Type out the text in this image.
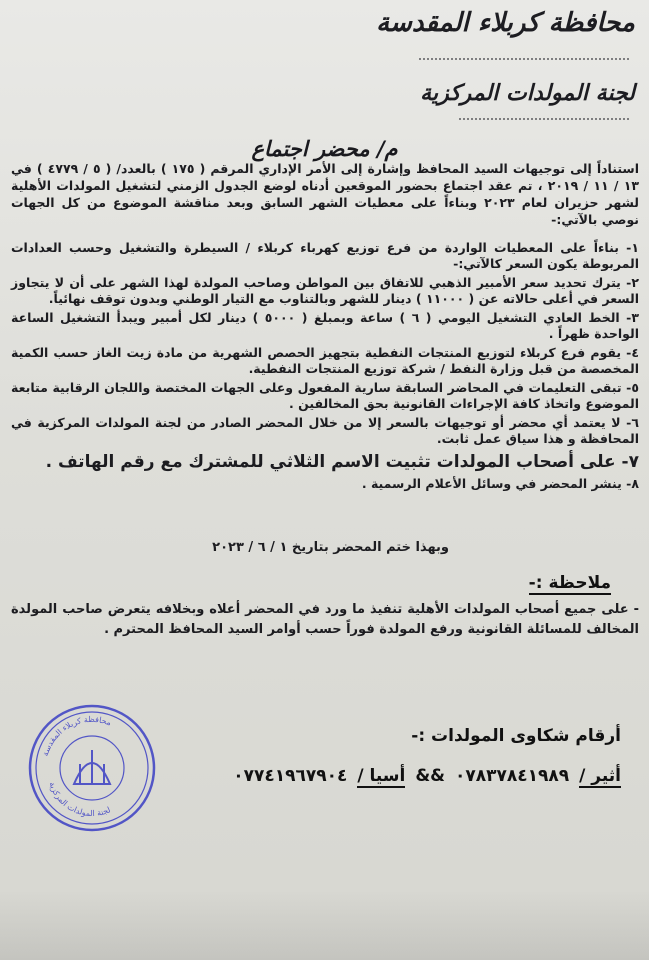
محافظة كربلاء المقدسة
لجنة المولدات المركزية
م/ محضر اجتماع
استناداً إلى توجيهات السيد المحافظ وإشارة إلى الأمر الإداري المرقم ( ١٧٥ ) بالعدد/ ( ٥ / ٤٧٧٩ ) في ١٣ / ١١ / ٢٠١٩ ، تم عقد اجتماع بحضور الموقعين أدناه لوضع الجدول الزمني لتشغيل المولدات الأهلية لشهر حزيران لعام ٢٠٢٣ وبناءاً على معطيات الشهر السابق وبعد مناقشة الموضوع من كل الجهات نوصي بالآتي:-
١- بناءاً على المعطيات الواردة من فرع توزيع كهرباء كربلاء / السيطرة والتشغيل وحسب العدادات المربوطة يكون السعر كالآتي:-
٢- يترك تحديد سعر الأمبير الذهبي للاتفاق بين المواطن وصاحب المولدة لهذا الشهر على أن لا يتجاوز السعر في أعلى حالاته عن ( ١١٠٠٠ ) دينار للشهر وبالتناوب مع التيار الوطني وبدون توقف نهائياً.
٣- الخط العادي التشغيل اليومي ( ٦ ) ساعة وبمبلغ ( ٥٠٠٠ ) دينار لكل أمبير ويبدأ التشغيل الساعة الواحدة ظهراً .
٤- يقوم فرع كربلاء لتوزيع المنتجات النفطية بتجهيز الحصص الشهرية من مادة زيت الغاز حسب الكمية المخصصة من قبل وزارة النفط / شركة توزيع المنتجات النفطية.
٥- تبقى التعليمات في المحاضر السابقة سارية المفعول وعلى الجهات المختصة واللجان الرقابية متابعة الموضوع واتخاذ كافة الإجراءات القانونية بحق المخالفين .
٦- لا يعتمد أي محضر أو توجيهات بالسعر إلا من خلال المحضر الصادر من لجنة المولدات المركزية في المحافظة و هذا سياق عمل ثابت.
٧- على أصحاب المولدات تثبيت الاسم الثلاثي للمشترك مع رقم الهاتف .
٨- ينشر المحضر في وسائل الأعلام الرسمية .
وبهذا ختم المحضر بتاريخ ١ / ٦ / ٢٠٢٣
ملاحظة :-
- على جميع أصحاب المولدات الأهلية تنفيذ ما ورد في المحضر أعلاه وبخلافه يتعرض صاحب المولدة المخالف للمسائلة القانونية ورفع المولدة فوراً حسب أوامر السيد المحافظ المحترم .
أرقام شكاوى المولدات :-
أثير /
٠٧٨٣٧٨٤١٩٨٩
&&
أسيا /
٠٧٧٤١٩٦٧٩٠٤
محافظة كربلاء المقدسة
لجنة المولدات المركزية
